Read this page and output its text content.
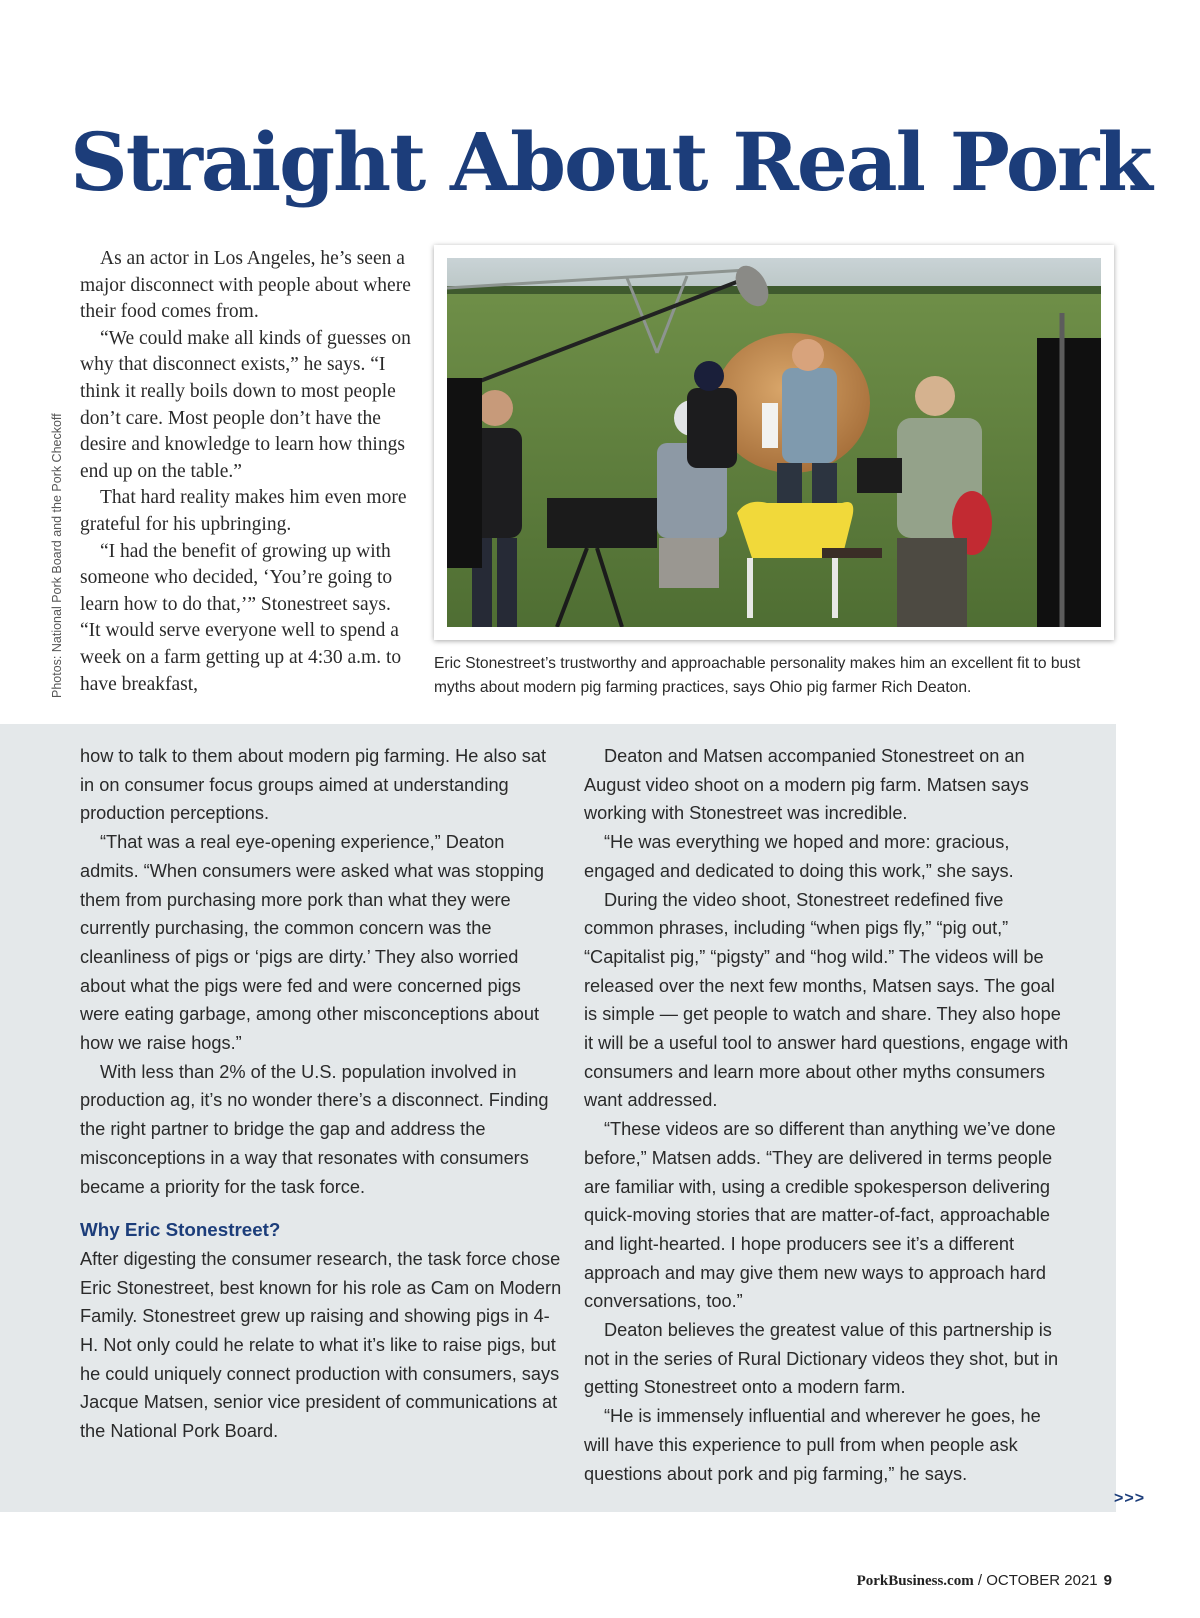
Straight About Real Pork

Photos: National Pork Board and the Pork Checkoff

As an actor in Los Angeles, he’s seen a major disconnect with people about where their food comes from.

“We could make all kinds of guesses on why that disconnect exists,” he says. “I think it really boils down to most people don’t care. Most people don’t have the desire and knowledge to learn how things end up on the table.”

That hard reality makes him even more grateful for his upbringing.

“I had the benefit of growing up with someone who decided, ‘You’re going to learn how to do that,’” Stonestreet says. “It would serve everyone well to spend a week on a farm getting up at 4:30 a.m. to have breakfast,

Eric Stonestreet’s trustworthy and approachable personality makes him an excellent fit to bust myths about modern pig farming practices, says Ohio pig farmer Rich Deaton.

how to talk to them about modern pig farming. He also sat in on consumer focus groups aimed at understanding production perceptions.

“That was a real eye-opening experience,” Deaton admits. “When consumers were asked what was stopping them from purchasing more pork than what they were currently purchasing, the common concern was the cleanliness of pigs or ‘pigs are dirty.’ They also worried about what the pigs were fed and were concerned pigs were eating garbage, among other misconceptions about how we raise hogs.”

With less than 2% of the U.S. population involved in production ag, it’s no wonder there’s a disconnect. Finding the right partner to bridge the gap and address the misconceptions in a way that resonates with consumers became a priority for the task force.

Why Eric Stonestreet?

After digesting the consumer research, the task force chose Eric Stonestreet, best known for his role as Cam on Modern Family. Stonestreet grew up raising and showing pigs in 4-H. Not only could he relate to what it’s like to raise pigs, but he could uniquely connect production with consumers, says Jacque Matsen, senior vice president of communications at the National Pork Board.

Deaton and Matsen accompanied Stonestreet on an August video shoot on a modern pig farm. Matsen says working with Stonestreet was incredible.

“He was everything we hoped and more: gracious, engaged and dedicated to doing this work,” she says.

During the video shoot, Stonestreet redefined five common phrases, including “when pigs fly,” “pig out,” “Capitalist pig,” “pigsty” and “hog wild.” The videos will be released over the next few months, Matsen says. The goal is simple — get people to watch and share. They also hope it will be a useful tool to answer hard questions, engage with consumers and learn more about other myths consumers want addressed.

“These videos are so different than anything we’ve done before,” Matsen adds. “They are delivered in terms people are familiar with, using a credible spokesperson delivering quick-moving stories that are matter-of-fact, approachable and light-hearted. I hope producers see it’s a different approach and may give them new ways to approach hard conversations, too.”

Deaton believes the greatest value of this partnership is not in the series of Rural Dictionary videos they shot, but in getting Stonestreet onto a modern farm.

“He is immensely influential and wherever he goes, he will have this experience to pull from when people ask questions about pork and pig farming,” he says.

>>>

PorkBusiness.com / OCTOBER 2021 9
